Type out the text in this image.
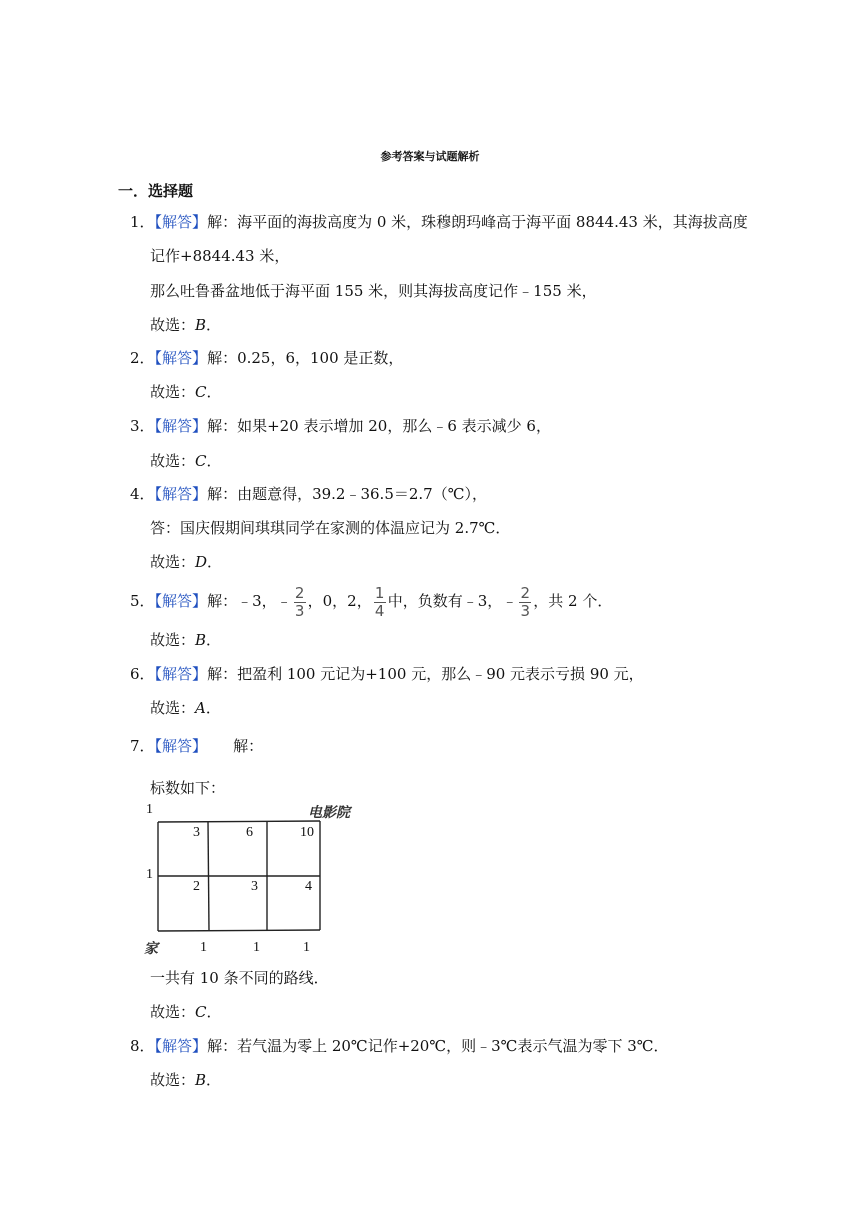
参考答案与试题解析
一．选择题
1．【解答】解：海平面的海拔高度为 0 米，珠穆朗玛峰高于海平面 8844.43 米，其海拔高度
记作+8844.43 米，
那么吐鲁番盆地低于海平面 155 米，则其海拔高度记作﹣155 米，
故选：B．
2．【解答】解：0.25，6，100 是正数，
故选：C．
3．【解答】解：如果+20 表示增加 20，那么﹣6 表示减少 6，
故选：C．
4．【解答】解：由题意得，39.2﹣36.5＝2.7（℃），
答：国庆假期间琪琪同学在家测的体温应记为 2.7℃．
故选：D．
5．【解答】解：﹣3，﹣ $\frac{2}{3}$ ，0，2， $\frac{1}{4}$ 中，负数有﹣3，﹣ $\frac{2}{3}$ ，共 2 个．
故选：B．
6．【解答】解：把盈利 100 元记为+100 元，那么﹣90 元表示亏损 90 元，
故选：A．
7．【解答】 解：
标数如下：
1
1
电影院
家
3	6	10
2	3	4
1	1	1
一共有 10 条不同的路线．
故选：C．
8．【解答】解：若气温为零上 20℃记作+20℃，则﹣3℃表示气温为零下 3℃．
故选：B．
